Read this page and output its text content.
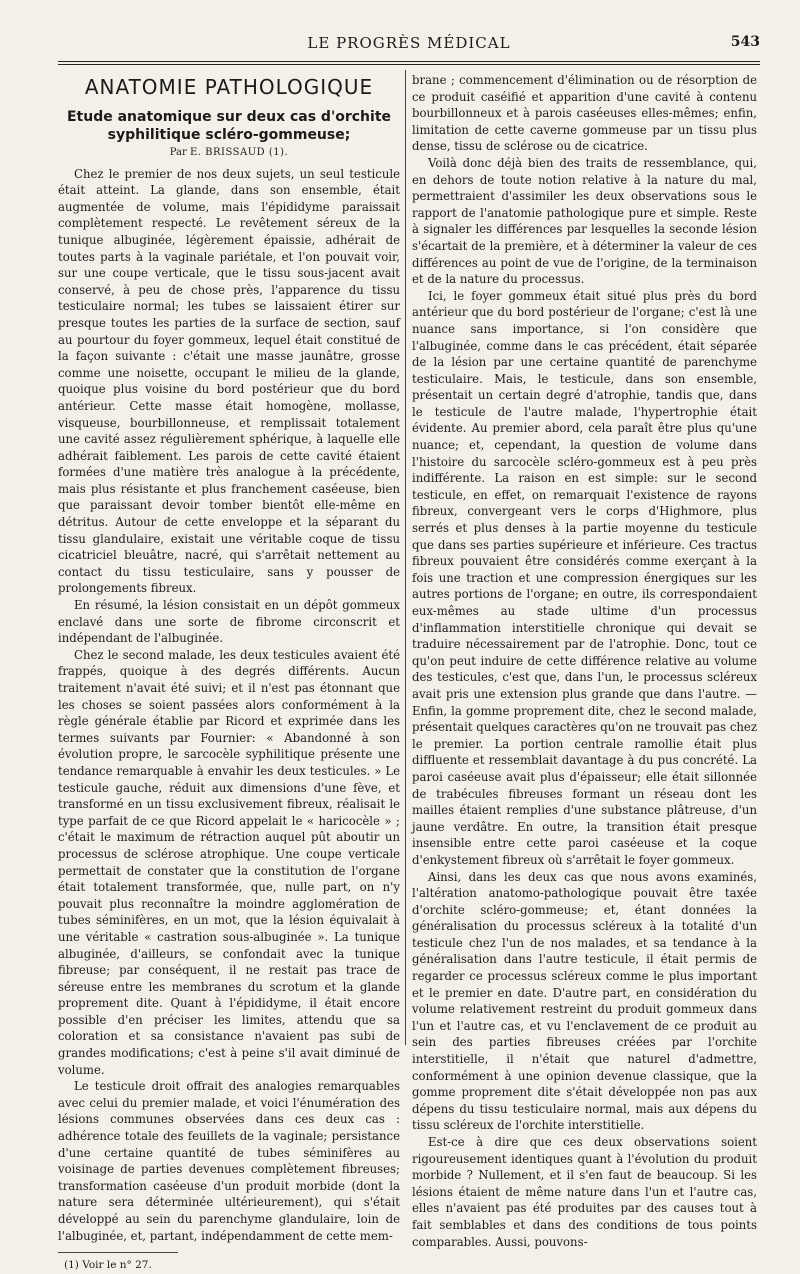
LE PROGRÈS MÉDICAL	543
ANATOMIE PATHOLOGIQUE
Etude anatomique sur deux cas d'orchite
syphilitique scléro-gommeuse;
Par E. BRISSAUD (1).

Chez le premier de nos deux sujets, un seul testicule était atteint. La glande, dans son ensemble, était augmentée de volume, mais l'épididyme paraissait complètement respecté. Le revêtement séreux de la tunique albuginée, légèrement épaissie, adhérait de toutes parts à la vaginale pariétale, et l'on pouvait voir, sur une coupe verticale, que le tissu sous-jacent avait conservé, à peu de chose près, l'apparence du tissu testiculaire normal; les tubes se laissaient étirer sur presque toutes les parties de la surface de section, sauf au pourtour du foyer gommeux, lequel était constitué de la façon suivante : c'était une masse jaunâtre, grosse comme une noisette, occupant le milieu de la glande, quoique plus voisine du bord postérieur que du bord antérieur. Cette masse était homogène, mollasse, visqueuse, bourbillonneuse, et remplissait totalement une cavité assez régulièrement sphérique, à laquelle elle adhérait faiblement. Les parois de cette cavité étaient formées d'une matière très analogue à la précédente, mais plus résistante et plus franchement caséeuse, bien que paraissant devoir tomber bientôt elle-même en détritus. Autour de cette enveloppe et la séparant du tissu glandulaire, existait une véritable coque de tissu cicatriciel bleuâtre, nacré, qui s'arrêtait nettement au contact du tissu testiculaire, sans y pousser de prolongements fibreux.

En résumé, la lésion consistait en un dépôt gommeux enclavé dans une sorte de fibrome circonscrit et indépendant de l'albuginée.

Chez le second malade, les deux testicules avaient été frappés, quoique à des degrés différents. Aucun traitement n'avait été suivi; et il n'est pas étonnant que les choses se soient passées alors conformément à la règle générale établie par Ricord et exprimée dans les termes suivants par Fournier: « Abandonné à son évolution propre, le sarcocèle syphilitique présente une tendance remarquable à envahir les deux testicules. » Le testicule gauche, réduit aux dimensions d'une fève, et transformé en un tissu exclusivement fibreux, réalisait le type parfait de ce que Ricord appelait le « haricocèle » ; c'était le maximum de rétraction auquel pût aboutir un processus de sclérose atrophique. Une coupe verticale permettait de constater que la constitution de l'organe était totalement transformée, que, nulle part, on n'y pouvait plus reconnaître la moindre agglomération de tubes séminifères, en un mot, que la lésion équivalait à une véritable « castration sous-albuginée ». La tunique albuginée, d'ailleurs, se confondait avec la tunique fibreuse; par conséquent, il ne restait pas trace de séreuse entre les membranes du scrotum et la glande proprement dite. Quant à l'épididyme, il était encore possible d'en préciser les limites, attendu que sa coloration et sa consistance n'avaient pas subi de grandes modifications; c'est à peine s'il avait diminué de volume.

Le testicule droit offrait des analogies remarquables avec celui du premier malade, et voici l'énumération des lésions communes observées dans ces deux cas : adhérence totale des feuillets de la vaginale; persistance d'une certaine quantité de tubes séminifères au voisinage de parties devenues complètement fibreuses; transformation caséeuse d'un produit morbide (dont la nature sera déterminée ultérieurement), qui s'était développé au sein du parenchyme glandulaire, loin de l'albuginée, et, partant, indépendamment de cette mem-

(1) Voir le n° 27.

brane ; commencement d'élimination ou de résorption de ce produit caséifié et apparition d'une cavité à contenu bourbillonneux et à parois caséeuses elles-mêmes; enfin, limitation de cette caverne gommeuse par un tissu plus dense, tissu de sclérose ou de cicatrice.

Voilà donc déjà bien des traits de ressemblance, qui, en dehors de toute notion relative à la nature du mal, permettraient d'assimiler les deux observations sous le rapport de l'anatomie pathologique pure et simple. Reste à signaler les différences par lesquelles la seconde lésion s'écartait de la première, et à déterminer la valeur de ces différences au point de vue de l'origine, de la terminaison et de la nature du processus.

Ici, le foyer gommeux était situé plus près du bord antérieur que du bord postérieur de l'organe; c'est là une nuance sans importance, si l'on considère que l'albuginée, comme dans le cas précédent, était séparée de la lésion par une certaine quantité de parenchyme testiculaire. Mais, le testicule, dans son ensemble, présentait un certain degré d'atrophie, tandis que, dans le testicule de l'autre malade, l'hypertrophie était évidente. Au premier abord, cela paraît être plus qu'une nuance; et, cependant, la question de volume dans l'histoire du sarcocèle scléro-gommeux est à peu près indifférente. La raison en est simple: sur le second testicule, en effet, on remarquait l'existence de rayons fibreux, convergeant vers le corps d'Highmore, plus serrés et plus denses à la partie moyenne du testicule que dans ses parties supérieure et inférieure. Ces tractus fibreux pouvaient être considérés comme exerçant à la fois une traction et une compression énergiques sur les autres portions de l'organe; en outre, ils correspondaient eux-mêmes au stade ultime d'un processus d'inflammation interstitielle chronique qui devait se traduire nécessairement par de l'atrophie. Donc, tout ce qu'on peut induire de cette différence relative au volume des testicules, c'est que, dans l'un, le processus scléreux avait pris une extension plus grande que dans l'autre. — Enfin, la gomme proprement dite, chez le second malade, présentait quelques caractères qu'on ne trouvait pas chez le premier. La portion centrale ramollie était plus diffluente et ressemblait davantage à du pus concrété. La paroi caséeuse avait plus d'épaisseur; elle était sillonnée de trabécules fibreuses formant un réseau dont les mailles étaient remplies d'une substance plâtreuse, d'un jaune verdâtre. En outre, la transition était presque insensible entre cette paroi caséeuse et la coque d'enkystement fibreux où s'arrêtait le foyer gommeux.

Ainsi, dans les deux cas que nous avons examinés, l'altération anatomo-pathologique pouvait être taxée d'orchite scléro-gommeuse; et, étant données la généralisation du processus scléreux à la totalité d'un testicule chez l'un de nos malades, et sa tendance à la généralisation dans l'autre testicule, il était permis de regarder ce processus scléreux comme le plus important et le premier en date. D'autre part, en considération du volume relativement restreint du produit gommeux dans l'un et l'autre cas, et vu l'enclavement de ce produit au sein des parties fibreuses créées par l'orchite interstitielle, il n'était que naturel d'admettre, conformément à une opinion devenue classique, que la gomme proprement dite s'était développée non pas aux dépens du tissu testiculaire normal, mais aux dépens du tissu scléreux de l'orchite interstitielle.

Est-ce à dire que ces deux observations soient rigoureusement identiques quant à l'évolution du produit morbide ? Nullement, et il s'en faut de beaucoup. Si les lésions étaient de même nature dans l'un et l'autre cas, elles n'avaient pas été produites par des causes tout à fait semblables et dans des conditions de tous points comparables. Aussi, pouvons-
